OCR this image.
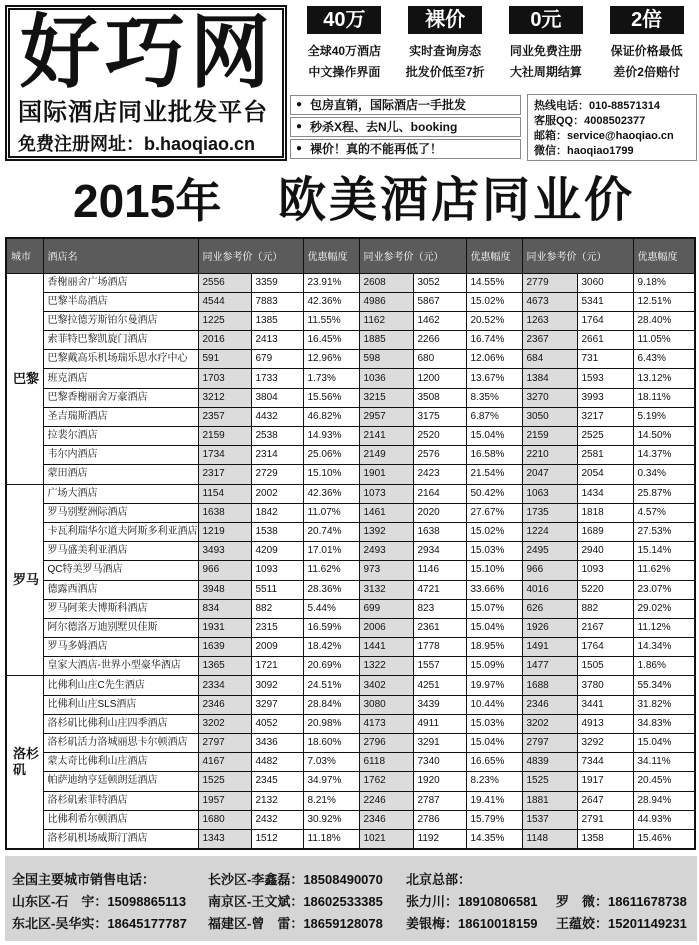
好巧网
国际酒店同业批发平台
免费注册网址：b.haoqiao.cn
40万
全球40万酒店
中文操作界面
裸价
实时查询房态
批发价低至7折
0元
同业免费注册
大社周期结算
2倍
保证价格最低
差价2倍赔付
●包房直销，国际酒店一手批发
●秒杀X程、去N儿、booking
●裸价！真的不能再低了！
热线电话：010-88571314
客服QQ：4008502377
邮箱：service@haoqiao.cn
微信：haoqiao1799
2015年 欧美酒店同业价
城市	酒店名	同业参考价（元）		优惠幅度	同业参考价（元）		优惠幅度	同业参考价（元）		优惠幅度
巴黎	香榭丽舍广场酒店	2556	3359	23.91%	2608	3052	14.55%	2779	3060	9.18%
	巴黎半岛酒店	4544	7883	42.36%	4986	5867	15.02%	4673	5341	12.51%
	巴黎拉德芳斯铂尔曼酒店	1225	1385	11.55%	1162	1462	20.52%	1263	1764	28.40%
	索菲特巴黎凯旋门酒店	2016	2413	16.45%	1885	2266	16.74%	2367	2661	11.05%
	巴黎戴高乐机场瑞乐思水疗中心	591	679	12.96%	598	680	12.06%	684	731	6.43%
	班克酒店	1703	1733	1.73%	1036	1200	13.67%	1384	1593	13.12%
	巴黎香榭丽舍万豪酒店	3212	3804	15.56%	3215	3508	8.35%	3270	3993	18.11%
	圣吉瑞斯酒店	2357	4432	46.82%	2957	3175	6.87%	3050	3217	5.19%
	拉裴尔酒店	2159	2538	14.93%	2141	2520	15.04%	2159	2525	14.50%
	韦尔内酒店	1734	2314	25.06%	2149	2576	16.58%	2210	2581	14.37%
	蒙田酒店	2317	2729	15.10%	1901	2423	21.54%	2047	2054	0.34%
罗马	广场大酒店	1154	2002	42.36%	1073	2164	50.42%	1063	1434	25.87%
	罗马别墅洲际酒店	1638	1842	11.07%	1461	2020	27.67%	1735	1818	4.57%
	卡瓦利瑞华尔道夫阿斯多利亚酒店	1219	1538	20.74%	1392	1638	15.02%	1224	1689	27.53%
	罗马盛美利亚酒店	3493	4209	17.01%	2493	2934	15.03%	2495	2940	15.14%
	QC特美罗马酒店	966	1093	11.62%	973	1146	15.10%	966	1093	11.62%
	德露西酒店	3948	5511	28.36%	3132	4721	33.66%	4016	5220	23.07%
	罗马阿莱夫博斯科酒店	834	882	5.44%	699	823	15.07%	626	882	29.02%
	阿尔德洛万迪别墅贝佳斯	1931	2315	16.59%	2006	2361	15.04%	1926	2167	11.12%
	罗马多姆酒店	1639	2009	18.42%	1441	1778	18.95%	1491	1764	14.34%
	皇家大酒店-世界小型豪华酒店	1365	1721	20.69%	1322	1557	15.09%	1477	1505	1.86%
洛杉矶	比佛利山庄C先生酒店	2334	3092	24.51%	3402	4251	19.97%	1688	3780	55.34%
	比佛利山庄SLS酒店	2346	3297	28.84%	3080	3439	10.44%	2346	3441	31.82%
	洛杉矶比佛利山庄四季酒店	3202	4052	20.98%	4173	4911	15.03%	3202	4913	34.83%
	洛杉矶活力洛城丽思卡尔顿酒店	2797	3436	18.60%	2796	3291	15.04%	2797	3292	15.04%
	蒙太奇比佛利山庄酒店	4167	4482	7.03%	6118	7340	16.65%	4839	7344	34.11%
	帕萨迪纳亨廷顿朗廷酒店	1525	2345	34.97%	1762	1920	8.23%	1525	1917	20.45%
	洛杉矶索菲特酒店	1957	2132	8.21%	2246	2787	19.41%	1881	2647	28.94%
	比佛利希尔顿酒店	1680	2432	30.92%	2346	2786	15.79%	1537	2791	44.93%
	洛杉矶机场威斯汀酒店	1343	1512	11.18%	1021	1192	14.35%	1148	1358	15.46%
全国主要城市销售电话：
山东区-石　宇：15098865113
东北区-吴华实：18645177787
长沙区-李鑫磊：18508490070
南京区-王文斌：18602533385
福建区-曾　雷：18659128078
北京总部：
张力川：18910806581 罗　微：18611678738
姜银梅：18610018159 王蕴姣：15201149231
